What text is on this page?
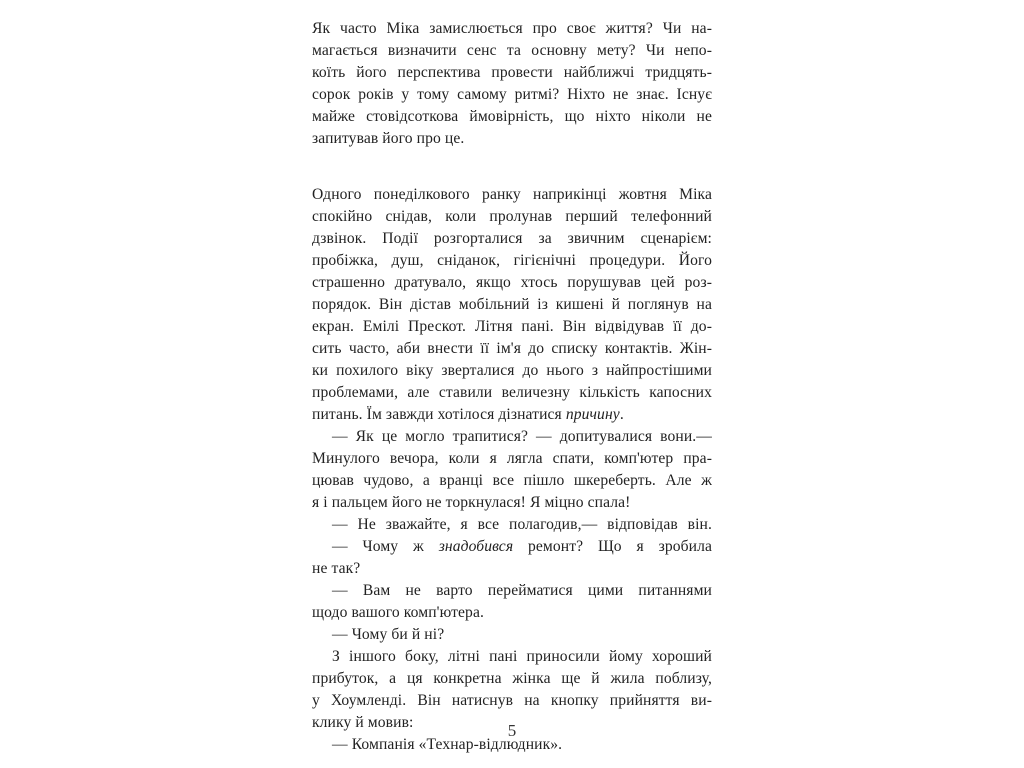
Як часто Міка замислюється про своє життя? Чи на-
магається визначити сенс та основну мету? Чи непо-
коїть його перспектива провести найближчі тридцять-
сорок років у тому самому ритмі? Ніхто не знає. Існує
майже стовідсоткова ймовірність, що ніхто ніколи не
запитував його про це.
Одного понеділкового ранку наприкінці жовтня Міка
спокійно снідав, коли пролунав перший телефонний
дзвінок. Події розгорталися за звичним сценарієм:
пробіжка, душ, сніданок, гігієнічні процедури. Його
страшенно дратувало, якщо хтось порушував цей роз-
порядок. Він дістав мобільний із кишені й поглянув на
екран. Емілі Прескот. Літня пані. Він відвідував її до-
сить часто, аби внести її ім'я до списку контактів. Жін-
ки похилого віку зверталися до нього з найпростішими
проблемами, але ставили величезну кількість капосних
питань. Їм завжди хотілося дізнатися причину.
— Як це могло трапитися? — допитувалися вони.—
Минулого вечора, коли я лягла спати, комп'ютер пра-
цював чудово, а вранці все пішло шкереберть. Але ж
я і пальцем його не торкнулася! Я міцно спала!
— Не зважайте, я все полагодив,— відповідав він.
— Чому ж знадобився ремонт? Що я зробила
не так?
— Вам не варто перейматися цими питаннями
щодо вашого комп'ютера.
— Чому би й ні?
З іншого боку, літні пані приносили йому хороший
прибуток, а ця конкретна жінка ще й жила поблизу,
у Хоумленді. Він натиснув на кнопку прийняття ви-
клику й мовив:
— Компанія «Технар-відлюдник».
5
